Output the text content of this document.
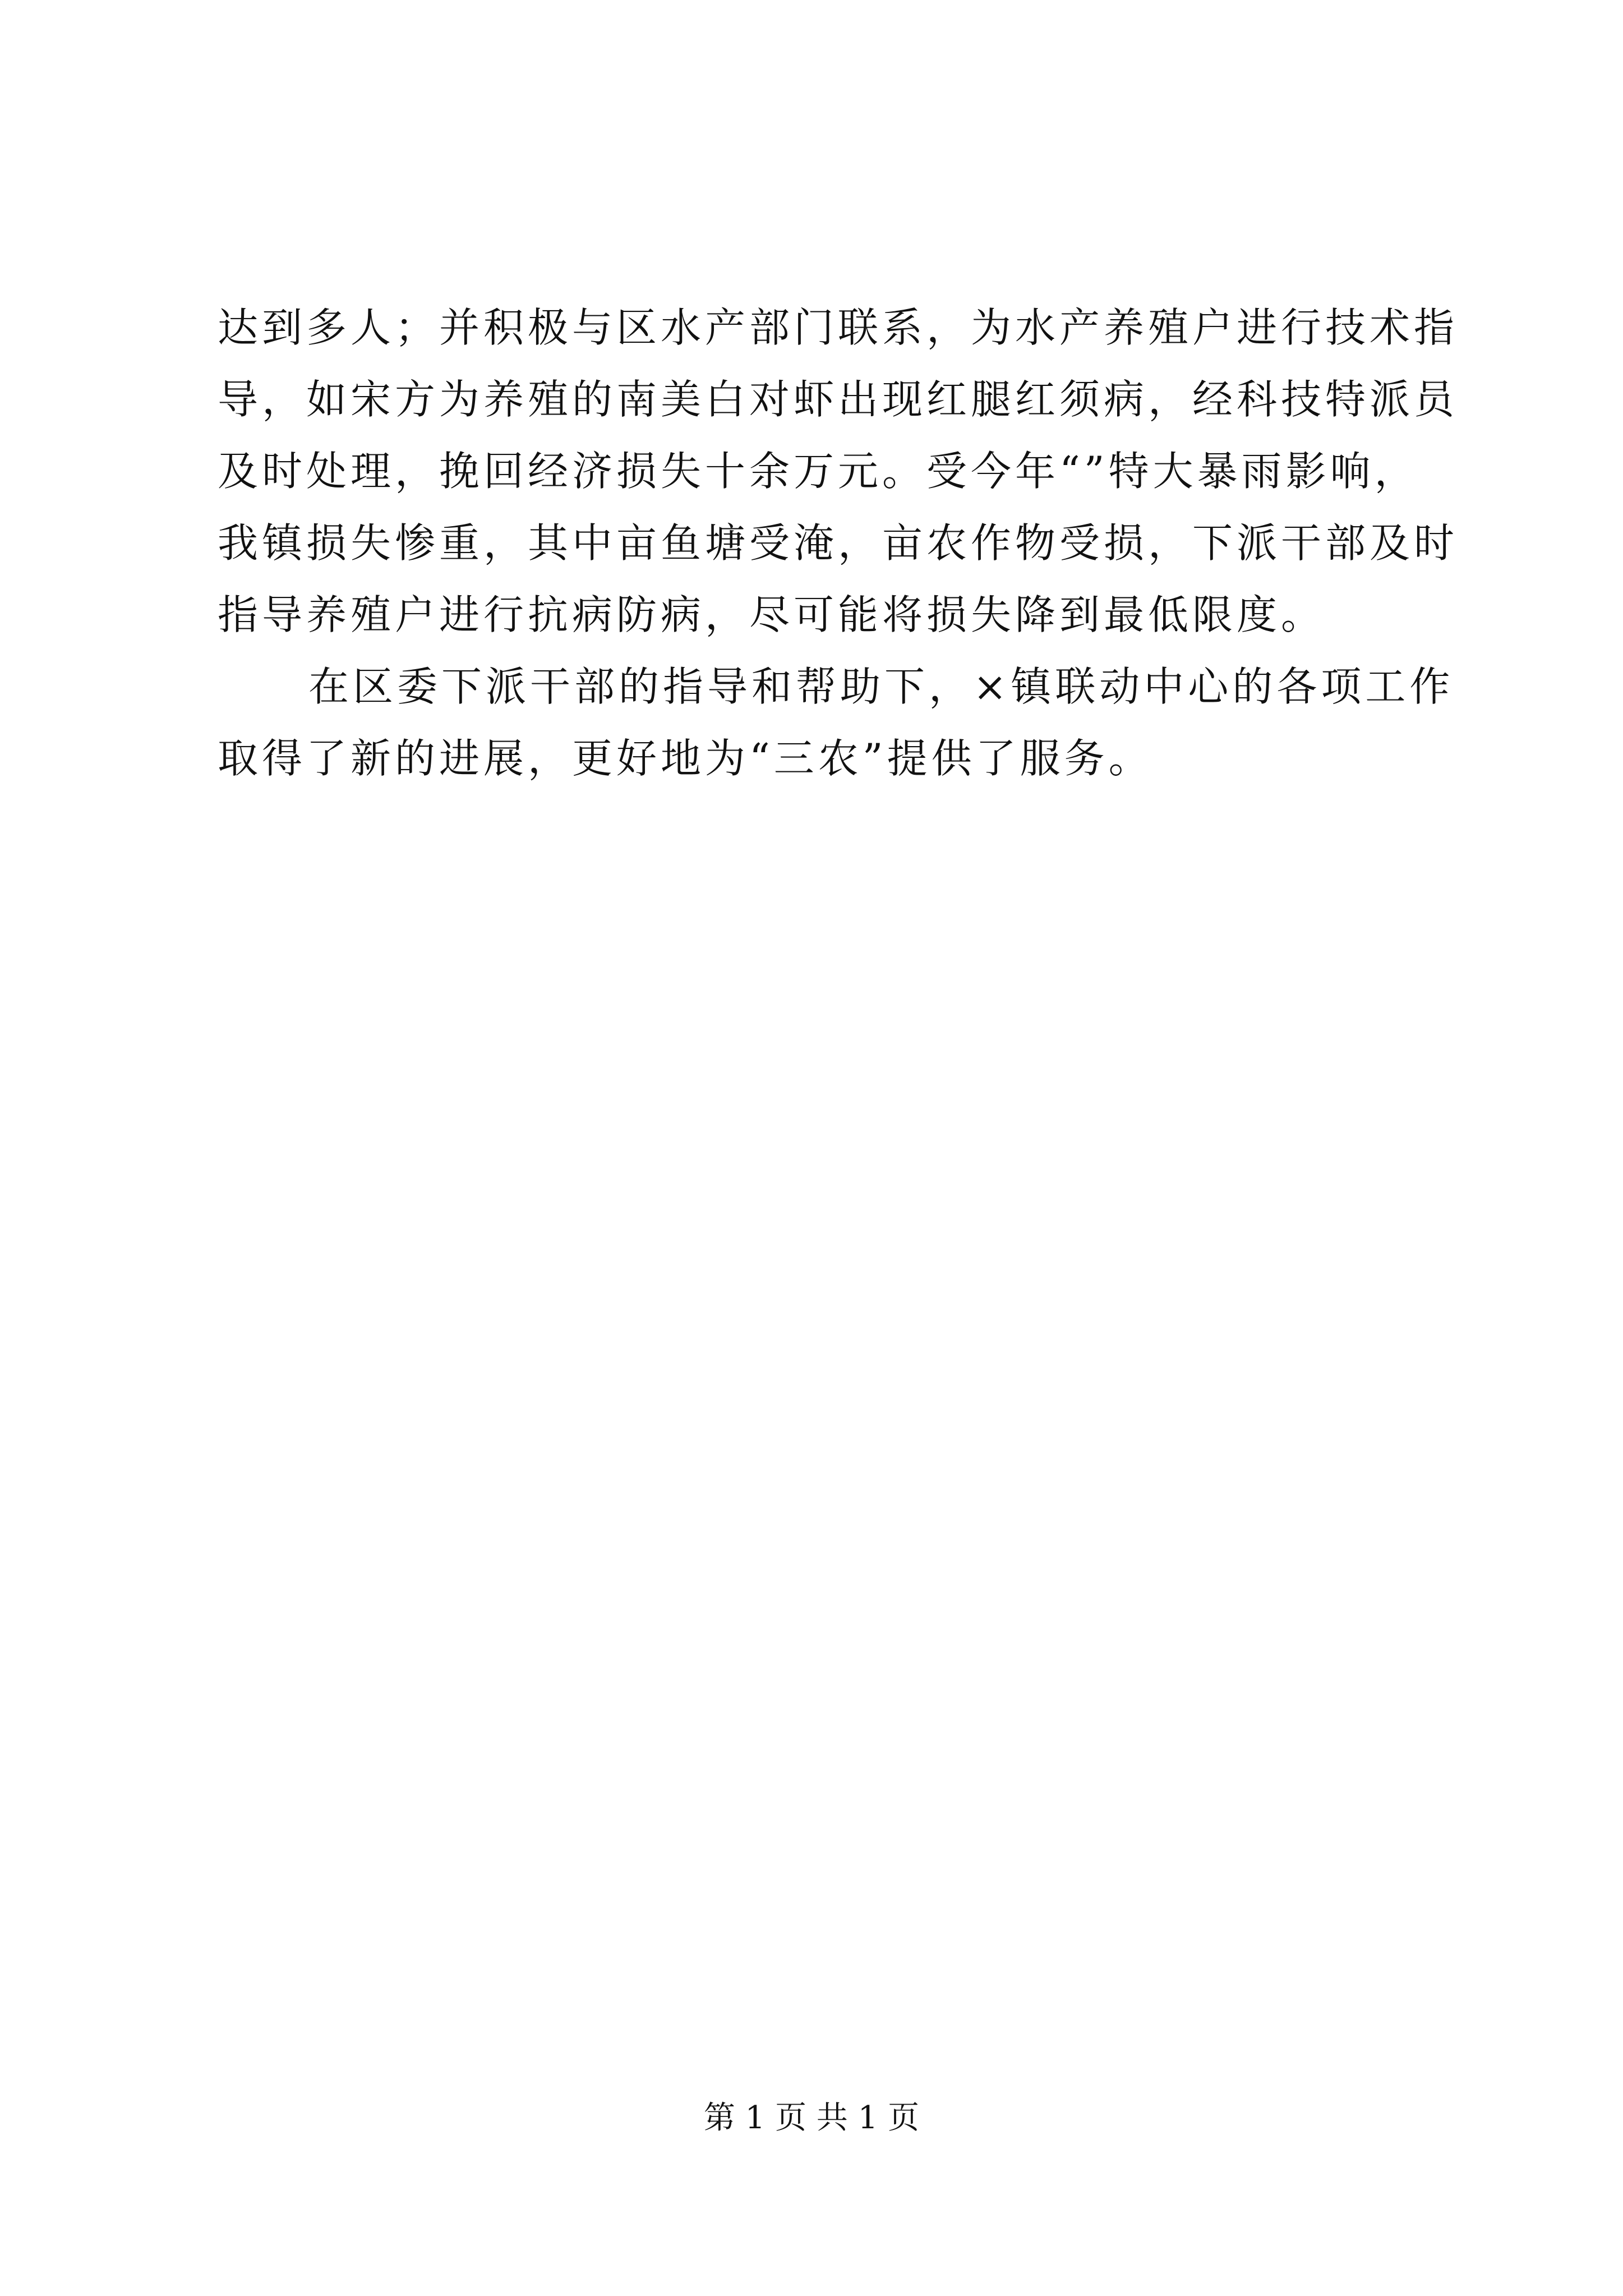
达到多人；并积极与区水产部门联系，为水产养殖户进行技术指
导，如宋方为养殖的南美白对虾出现红腿红须病，经科技特派员
及时处理，挽回经济损失十余万元。受今年“”特大暴雨影响，
我镇损失惨重，其中亩鱼塘受淹，亩农作物受损，下派干部及时
指导养殖户进行抗病防病，尽可能将损失降到最低限度。
在区委下派干部的指导和帮助下，×镇联动中心的各项工作
取得了新的进展，更好地为“三农”提供了服务。
第 1 页 共 1 页
